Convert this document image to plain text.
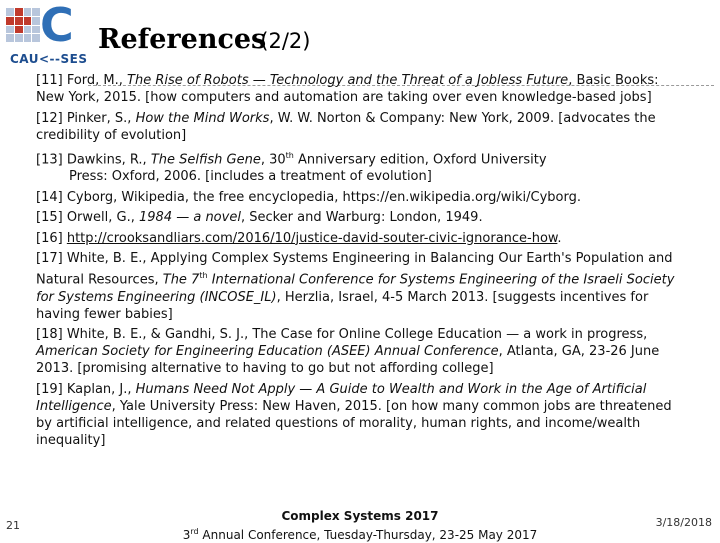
C
CAU<--SES
References(2/2)

[11] Ford, M., The Rise of Robots — Technology and the Threat of a Jobless Future, Basic Books: New York, 2015. [how computers and automation are taking over even knowledge-based jobs]

[12] Pinker, S., How the Mind Works, W. W. Norton & Company: New York, 2009. [advocates the credibility of evolution]

[13] Dawkins, R., The Selfish Gene, 30th Anniversary edition, Oxford University
Press: Oxford, 2006. [includes a treatment of evolution]

[14] Cyborg, Wikipedia, the free encyclopedia, https://en.wikipedia.org/wiki/Cyborg.

[15] Orwell, G., 1984 — a novel, Secker and Warburg: London, 1949.

[16] http://crooksandliars.com/2016/10/justice-david-souter-civic-ignorance-how.

[17] White, B. E., Applying Complex Systems Engineering in Balancing Our Earth's Population and Natural Resources, The 7th International Conference for Systems Engineering of the Israeli Society for Systems Engineering (INCOSE_IL), Herzlia, Israel, 4-5 March 2013. [suggests incentives for having fewer babies]

[18] White, B. E., & Gandhi, S. J., The Case for Online College Education — a work in progress, American Society for Engineering Education (ASEE) Annual Conference, Atlanta, GA, 23-26 June 2013. [promising alternative to having to go but not affording college]

[19] Kaplan, J., Humans Need Not Apply — A Guide to Wealth and Work in the Age of Artificial Intelligence, Yale University Press: New Haven, 2015. [on how many common jobs are threatened by artificial intelligence, and related questions of morality, human rights, and income/wealth inequality]

21
Complex Systems 2017
3rd Annual Conference, Tuesday-Thursday, 23-25 May 2017
3/18/2018
